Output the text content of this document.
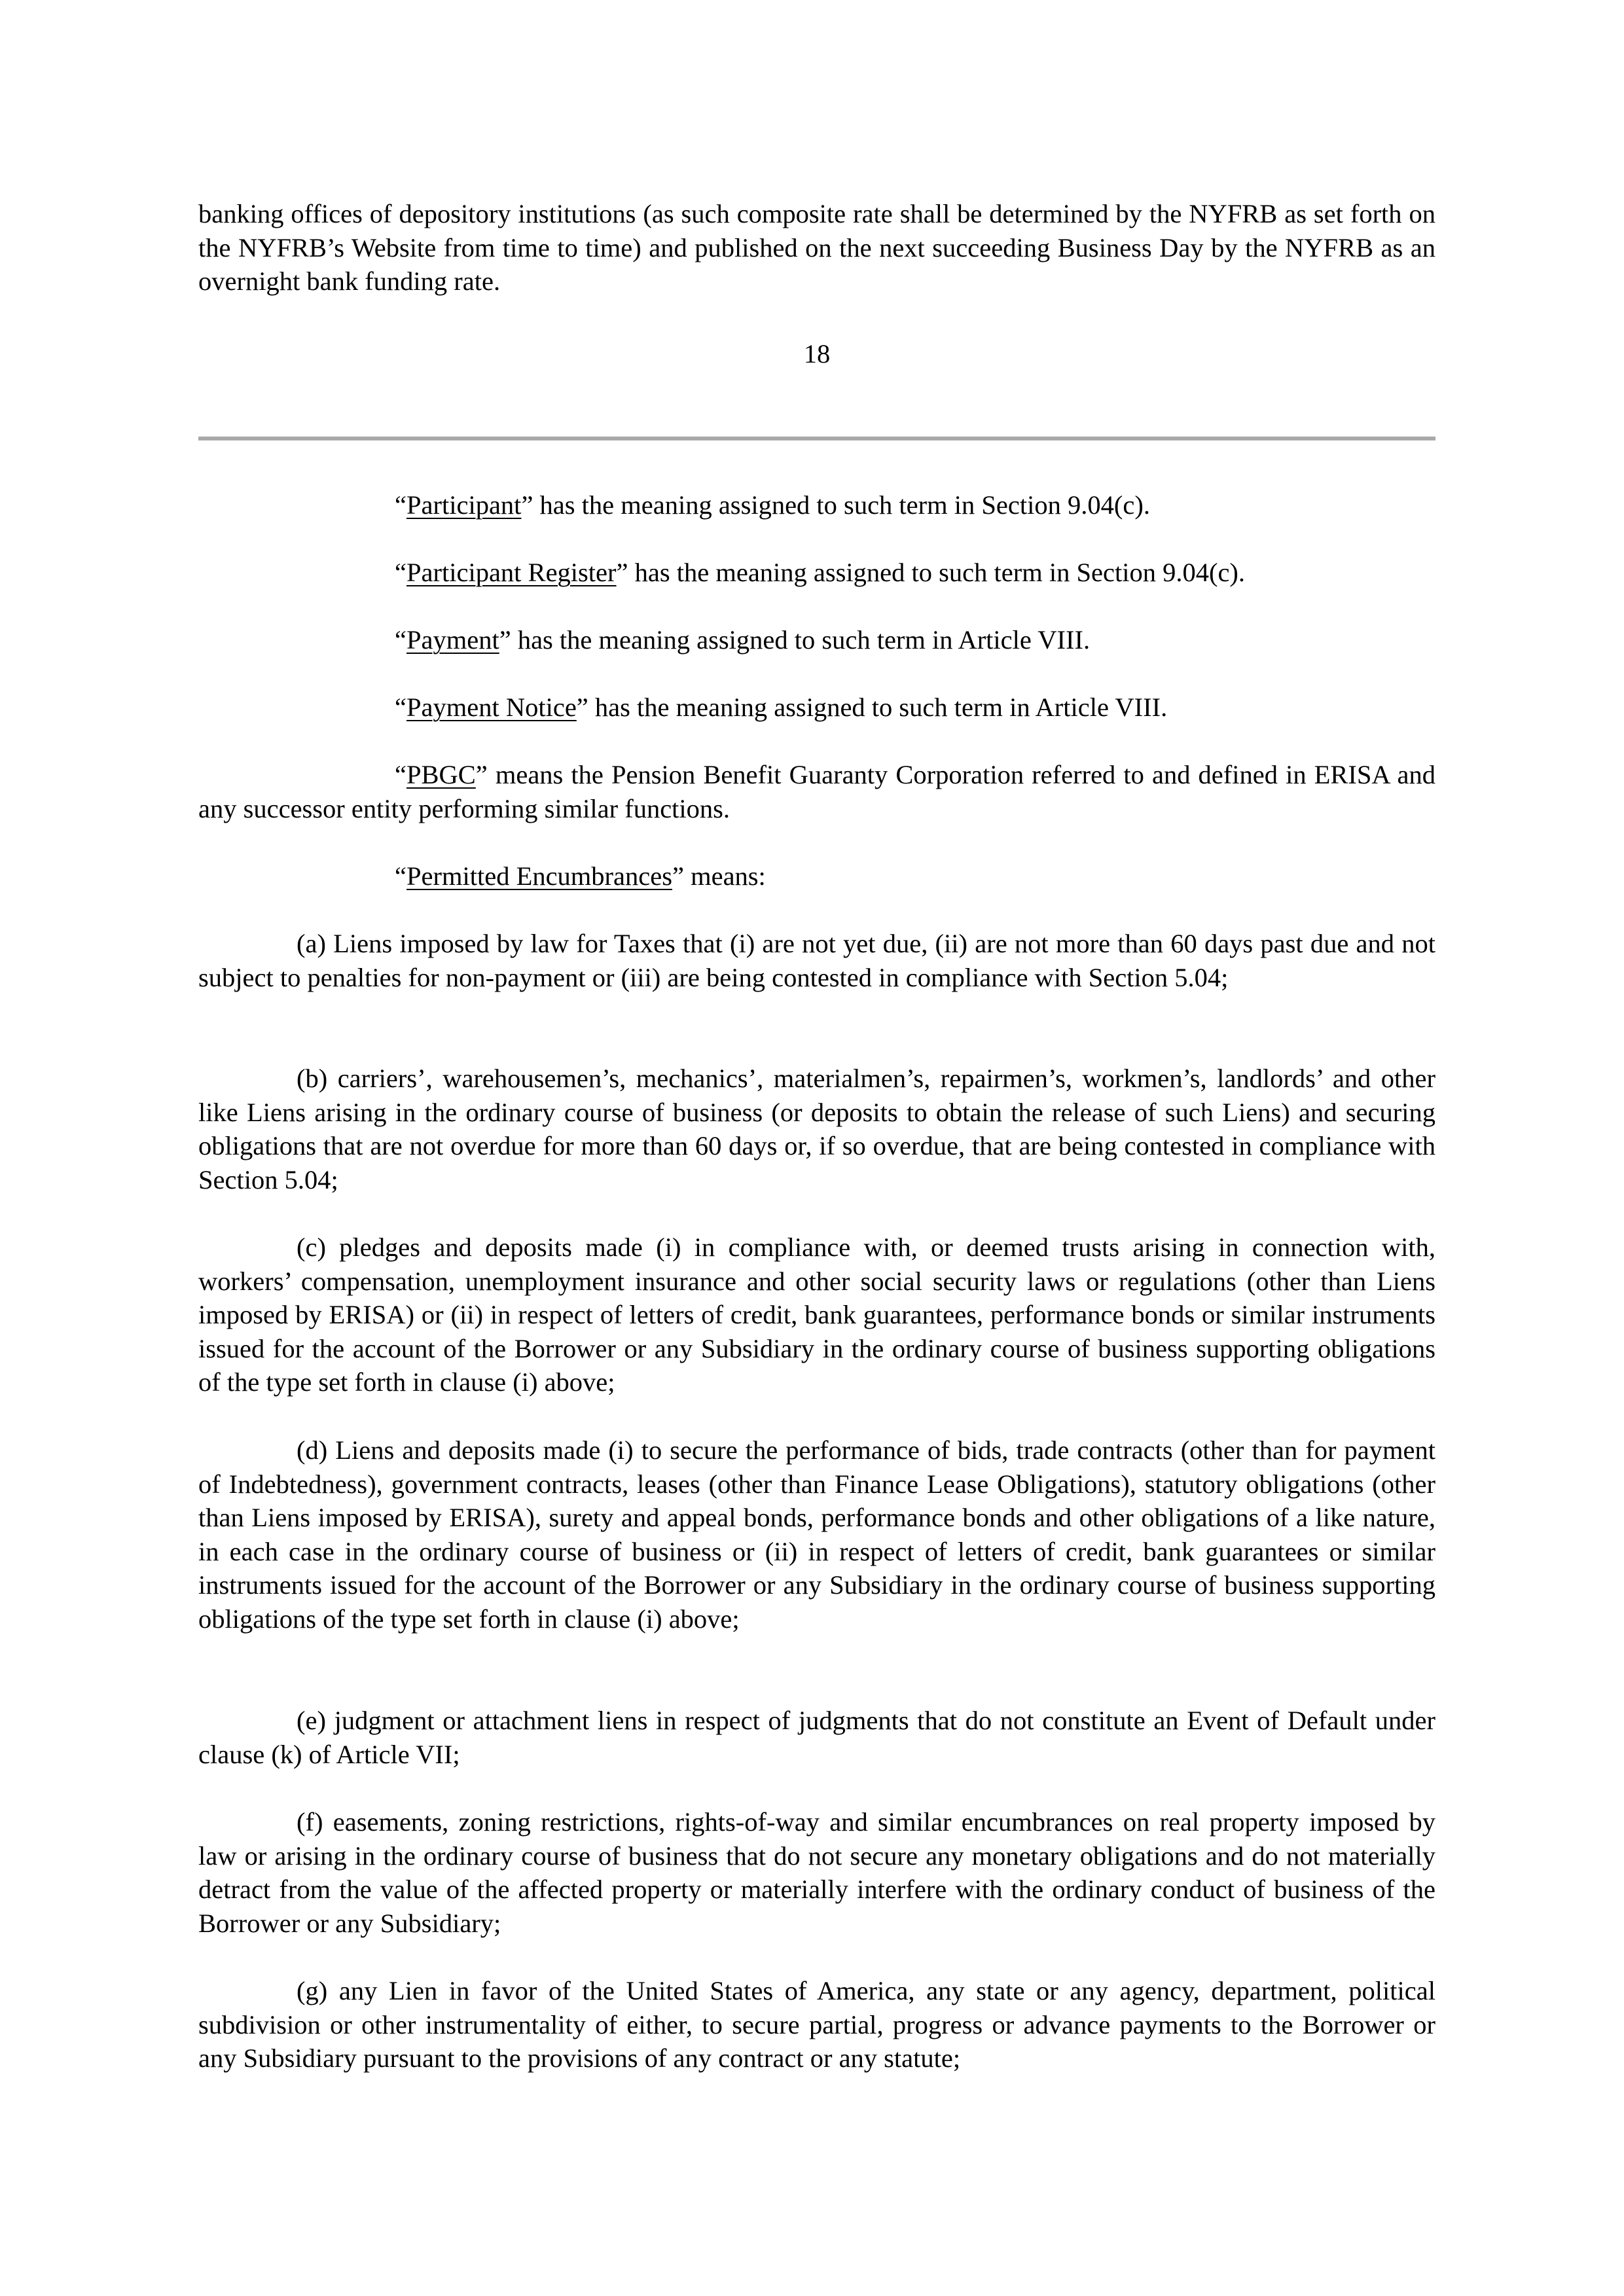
banking offices of depository institutions (as such composite rate shall be determined by the NYFRB as set forth on the NYFRB’s Website from time to time) and published on the next succeeding Business Day by the NYFRB as an overnight bank funding rate.

18

“Participant” has the meaning assigned to such term in Section 9.04(c).

“Participant Register” has the meaning assigned to such term in Section 9.04(c).

“Payment” has the meaning assigned to such term in Article VIII.

“Payment Notice” has the meaning assigned to such term in Article VIII.

“PBGC” means the Pension Benefit Guaranty Corporation referred to and defined in ERISA and any successor entity performing similar functions.

“Permitted Encumbrances” means:

(a) Liens imposed by law for Taxes that (i) are not yet due, (ii) are not more than 60 days past due and not subject to penalties for non-payment or (iii) are being contested in compliance with Section 5.04;

(b) carriers’, warehousemen’s, mechanics’, materialmen’s, repairmen’s, workmen’s, landlords’ and other like Liens arising in the ordinary course of business (or deposits to obtain the release of such Liens) and securing obligations that are not overdue for more than 60 days or, if so overdue, that are being contested in compliance with Section 5.04;

(c) pledges and deposits made (i) in compliance with, or deemed trusts arising in connection with, workers’ compensation, unemployment insurance and other social security laws or regulations (other than Liens imposed by ERISA) or (ii) in respect of letters of credit, bank guarantees, performance bonds or similar instruments issued for the account of the Borrower or any Subsidiary in the ordinary course of business supporting obligations of the type set forth in clause (i) above;

(d) Liens and deposits made (i) to secure the performance of bids, trade contracts (other than for payment of Indebtedness), government contracts, leases (other than Finance Lease Obligations), statutory obligations (other than Liens imposed by ERISA), surety and appeal bonds, performance bonds and other obligations of a like nature, in each case in the ordinary course of business or (ii) in respect of letters of credit, bank guarantees or similar instruments issued for the account of the Borrower or any Subsidiary in the ordinary course of business supporting obligations of the type set forth in clause (i) above;

(e) judgment or attachment liens in respect of judgments that do not constitute an Event of Default under clause (k) of Article VII;

(f) easements, zoning restrictions, rights-of-way and similar encumbrances on real property imposed by law or arising in the ordinary course of business that do not secure any monetary obligations and do not materially detract from the value of the affected property or materially interfere with the ordinary conduct of business of the Borrower or any Subsidiary;

(g) any Lien in favor of the United States of America, any state or any agency, department, political subdivision or other instrumentality of either, to secure partial, progress or advance payments to the Borrower or any Subsidiary pursuant to the provisions of any contract or any statute;
